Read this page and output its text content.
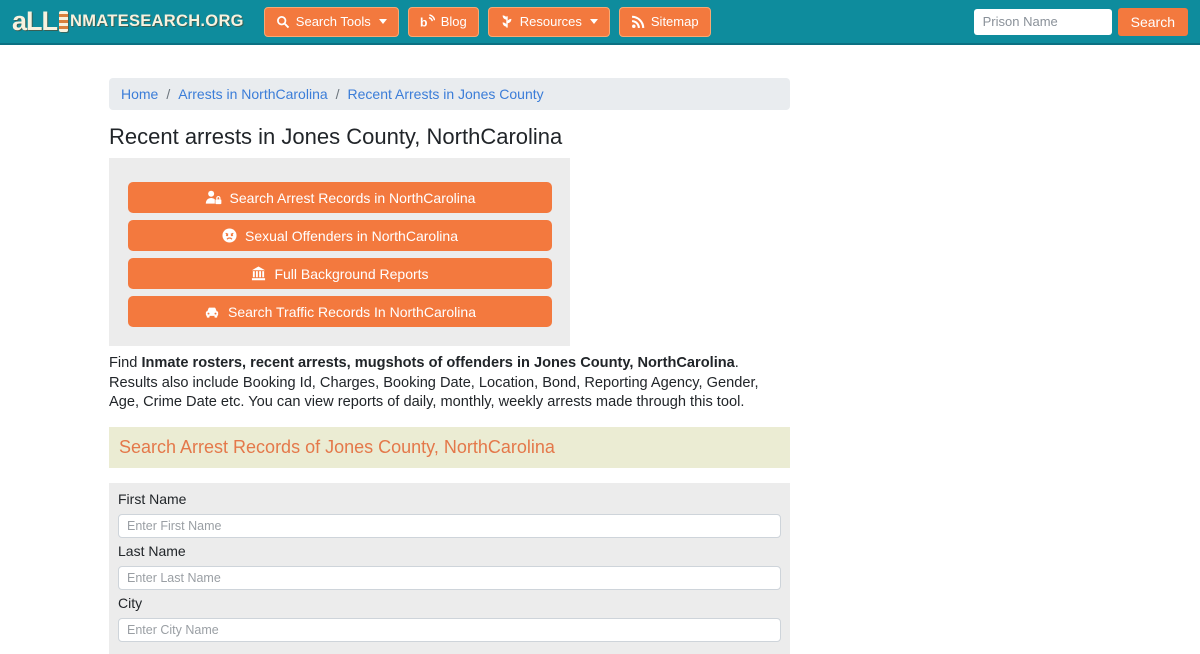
aLL NMATESEARCH.ORG	Search Tools	b Blog	Resources	Sitemap
Prison Name	Search
Home / Arrests in NorthCarolina / Recent Arrests in Jones County
Recent arrests in Jones County, NorthCarolina
Search Arrest Records in NorthCarolina
Sexual Offenders in NorthCarolina
Full Background Reports
Search Traffic Records In NorthCarolina

Find Inmate rosters, recent arrests, mugshots of offenders in Jones County, NorthCarolina. Results also include Booking Id, Charges, Booking Date, Location, Bond, Reporting Agency, Gender, Age, Crime Date etc. You can view reports of daily, monthly, weekly arrests made through this tool.

Search Arrest Records of Jones County, NorthCarolina
First Name
Enter First Name
Last Name
Enter Last Name
City
Enter City Name
